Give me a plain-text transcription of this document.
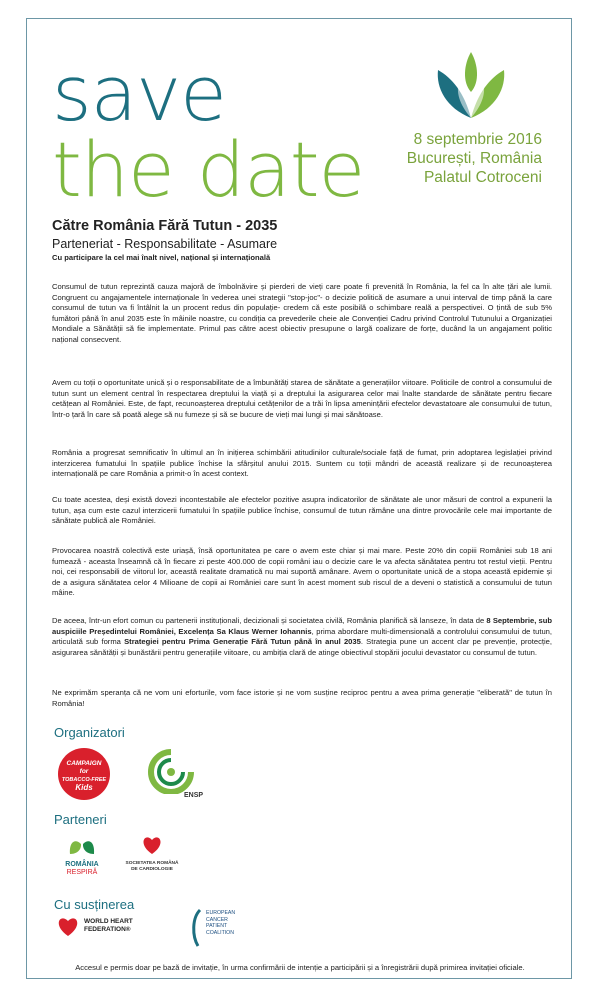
save
the date	8 septembrie 2016
București, România
Palatul Cotroceni
Către România Fără Tutun - 2035
Parteneriat - Responsabilitate - Asumare
Cu participare la cel mai înalt nivel, național și internațională
Consumul de tutun reprezintă cauza majoră de îmbolnăvire și pierderi de vieți care poate fi prevenită în România, la fel ca în alte țări ale lumii. Congruent cu angajamentele internaționale în vederea unei strategii "stop-joc"- o decizie politică de asumare a unui interval de timp până la care consumul de tutun va fi întâlnit la un procent redus din populație- credem că este posibilă o schimbare reală a perspectivei. O țintă de sub 5% fumători până în anul 2035 este în mâinile noastre, cu condiția ca prevederile cheie ale Convenției Cadru privind Controlul Tutunului a Organizației Mondiale a Sănătății să fie implementate. Primul pas către acest obiectiv presupune o largă coalizare de forțe, ducând la un angajament politic național consecvent.
Avem cu toții o oportunitate unică și o responsabilitate de a îmbunătăți starea de sănătate a generațiilor viitoare. Politicile de control a consumului de tutun sunt un element central în respectarea dreptului la viață și a dreptului la asigurarea celor mai înalte standarde de sănătate pentru fiecare cetățean al României. Este, de fapt, recunoașterea dreptului cetățenilor de a trăi în lipsa amenințării efectelor devastatoare ale consumului de tutun, într-o țară în care să poată alege să nu fumeze și să se bucure de vieți mai lungi și mai sănătoase.
România a progresat semnificativ în ultimul an în inițierea schimbării atitudinilor culturale/sociale față de fumat, prin adoptarea legislației privind interzicerea fumatului în spațiile publice închise la sfârșitul anului 2015. Suntem cu toții mândri de această realizare și de recunoașterea internațională pe care România a primit-o în acest context.
Cu toate acestea, deși există dovezi incontestabile ale efectelor pozitive asupra indicatorilor de sănătate ale unor măsuri de control a expunerii la tutun, așa cum este cazul interzicerii fumatului în spațiile publice închise, consumul de tutun rămâne una dintre provocările cele mai importante de sănătate publică ale României.
Provocarea noastră colectivă este uriașă, însă oportunitatea pe care o avem este chiar și mai mare. Peste 20% din copiii României sub 18 ani fumează - aceasta înseamnă că în fiecare zi peste 400.000 de copii români iau o decizie care le va afecta sănătatea pentru tot restul vieții. Pentru noi, cei responsabili de viitorul lor, această realitate dramatică nu mai suportă amânare. Avem o oportunitate unică de a stopa această epidemie și de a asigura sănătatea celor 4 Milioane de copii ai României care sunt în acest moment sub riscul de a deveni o statistică a consumului de tutun mâine.
De aceea, într-un efort comun cu partenerii instituționali, decizionali și societatea civilă, România planifică să lanseze, în data de 8 Septembrie, sub auspiciile Președintelui României, Excelența Sa Klaus Werner Iohannis, prima abordare multi-dimensională a controlului consumului de tutun, articulată sub forma Strategiei pentru Prima Generație Fără Tutun până în anul 2035. Strategia pune un accent clar pe prevenție, protecție, asigurarea sănătății și bunăstării pentru generațiile viitoare, cu ambiția clară de atinge obiectivul stopării jocului devastator cu consumul de tutun.
Ne exprimăm speranța că ne vom uni eforturile, vom face istorie și ne vom susține reciproc pentru a avea prima generație "eliberată" de tutun în România!
Organizatori
CAMPAIGN
for
TOBACCO-FREE
Kids
ENSP
Parteneri
ROMÂNIA
RESPIRĂ
SOCIETATEA ROMÂNĂ
DE CARDIOLOGIE
Cu susținerea
WORLD HEART
FEDERATION®
EUROPEAN
CANCER
PATIENT
COALITION
Accesul e permis doar pe bază de invitație, în urma confirmării de intenție a participării și a înregistrării după primirea invitației oficiale.
